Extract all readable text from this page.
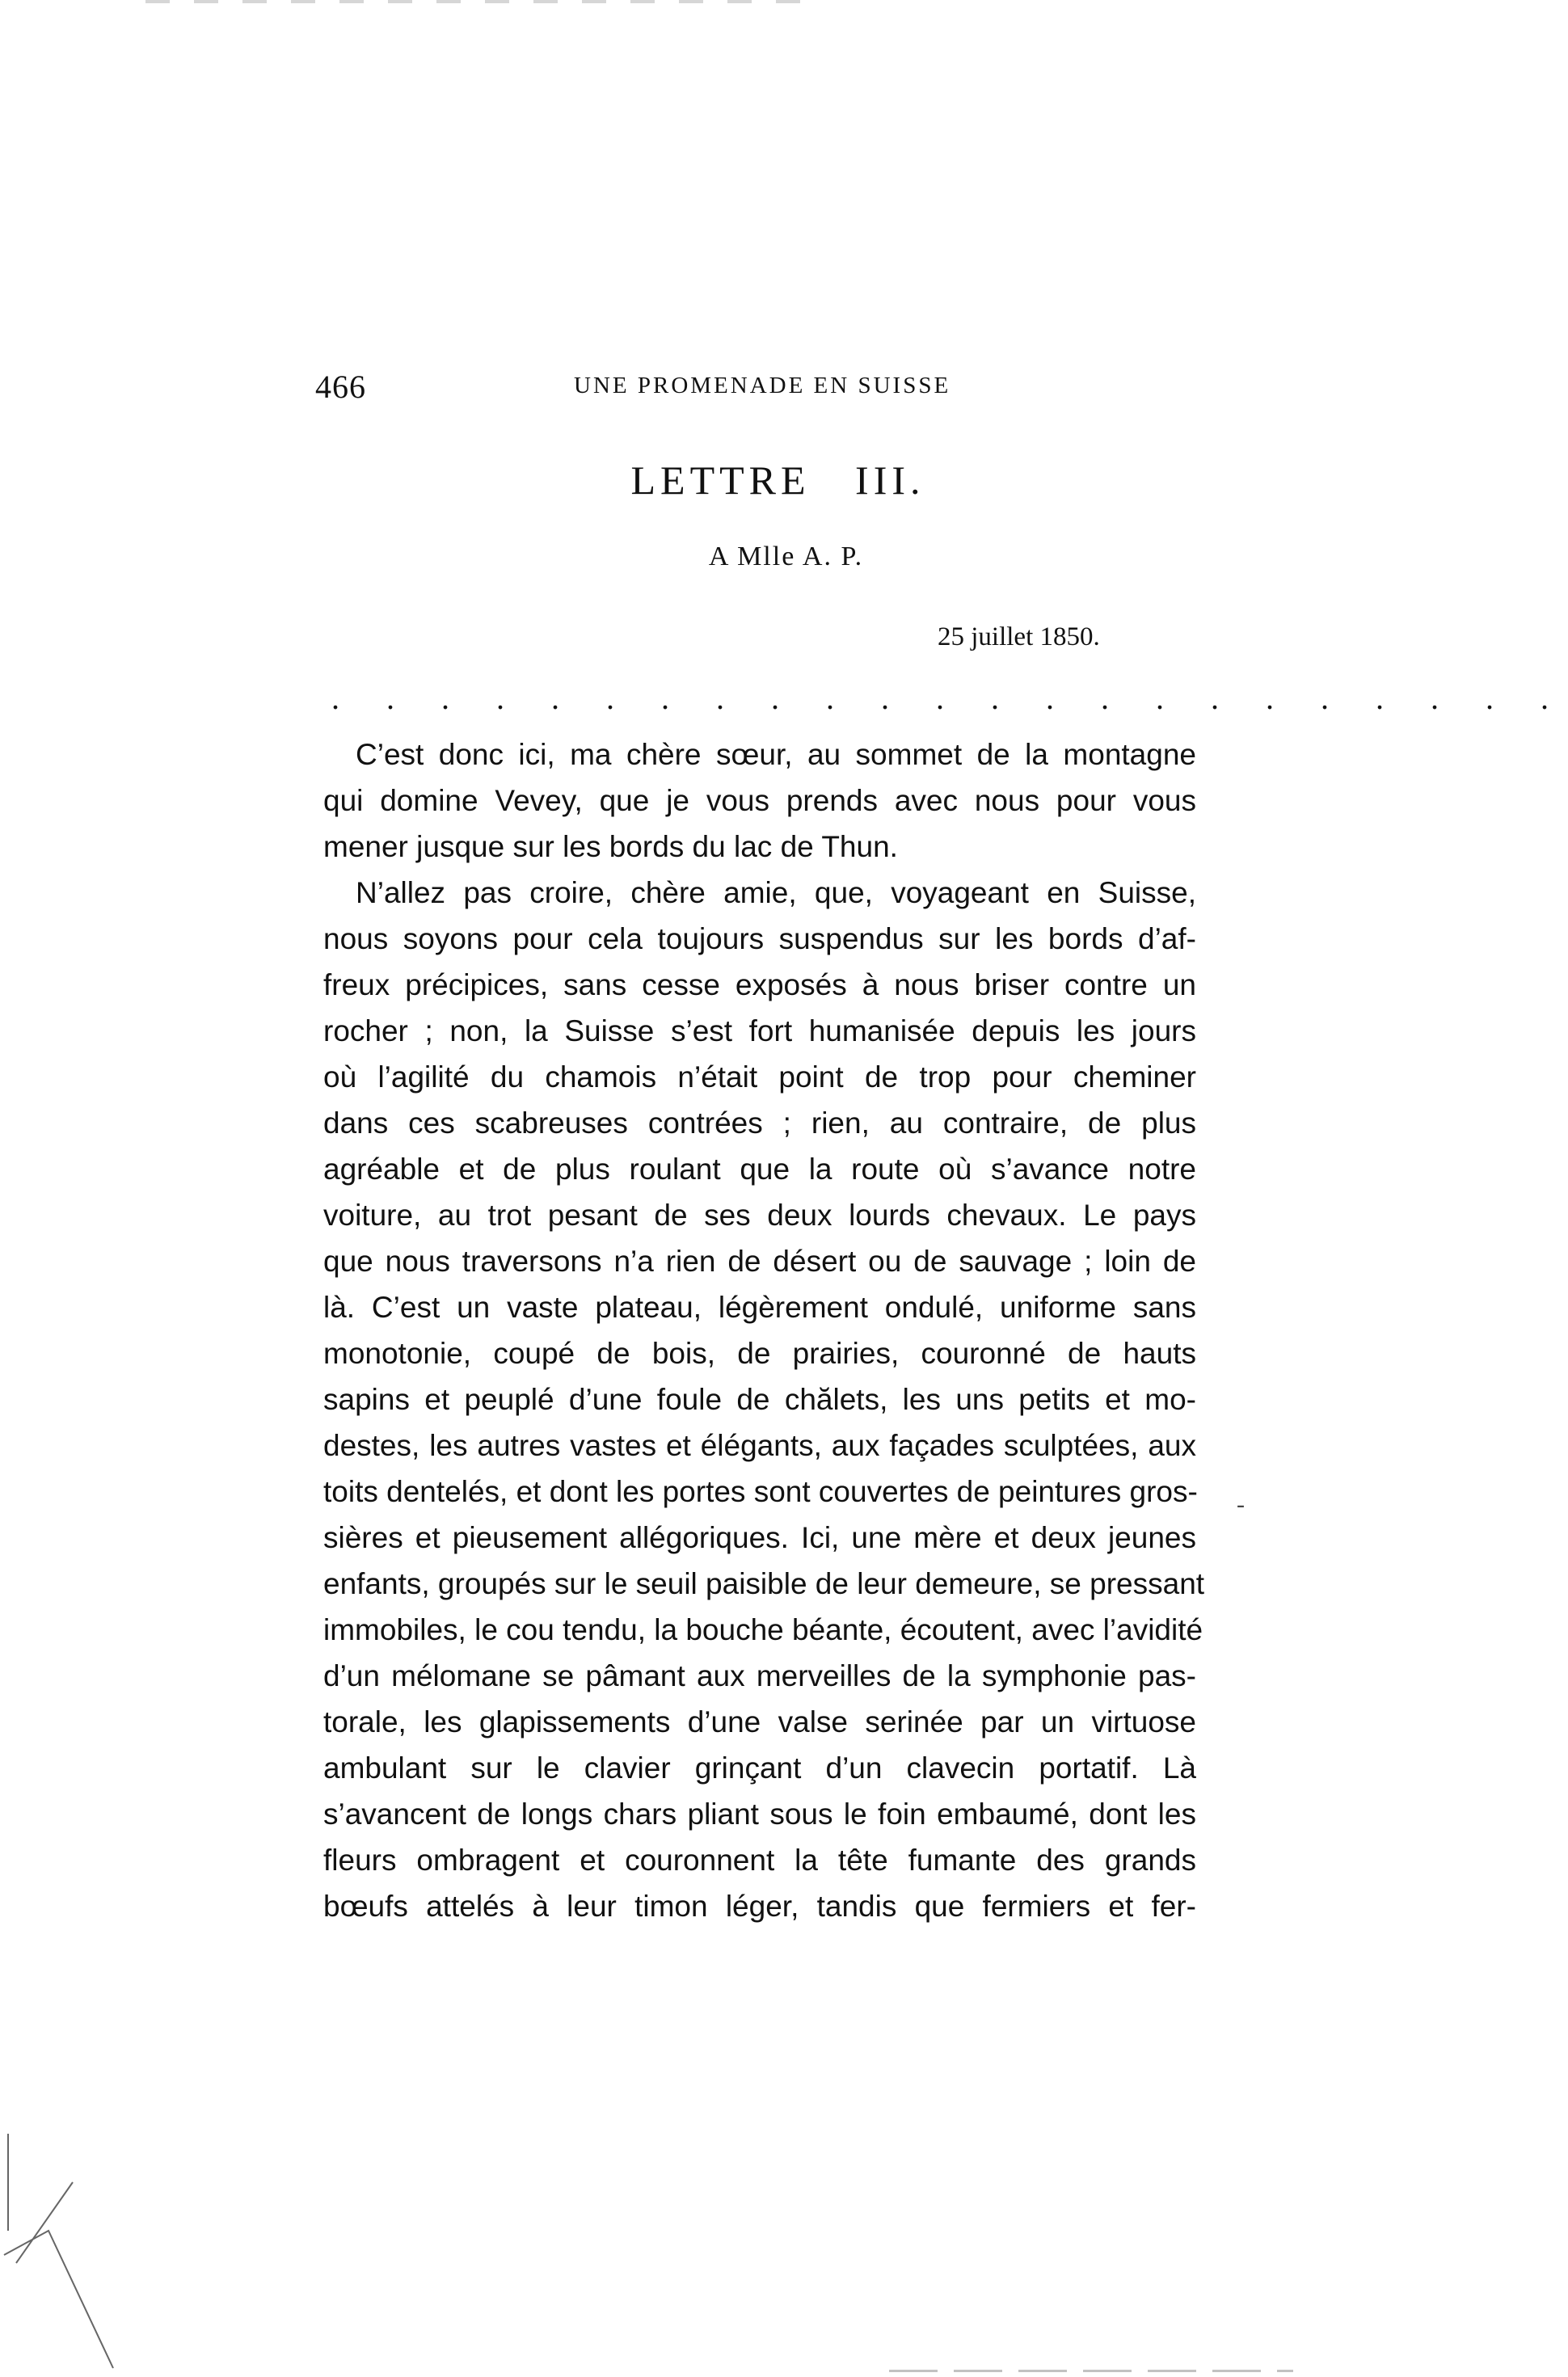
466	UNE PROMENADE EN SUISSE
LETTRE   III.
A Mlle A. P.
25 juillet 1850.
. . . . . . . . . . . . . . . . . . . . . . .
C’est donc ici, ma chère sœur, au sommet de la montagne
qui domine Vevey, que je vous prends avec nous pour vous
mener jusque sur les bords du lac de Thun.
N’allez pas croire, chère amie, que, voyageant en Suisse,
nous soyons pour cela toujours suspendus sur les bords d’af-
freux précipices, sans cesse exposés à nous briser contre un
rocher ; non, la Suisse s’est fort humanisée depuis les jours
où l’agilité du chamois n’était point de trop pour cheminer
dans ces scabreuses contrées ; rien, au contraire, de plus
agréable et de plus roulant que la route où s’avance notre
voiture, au trot pesant de ses deux lourds chevaux. Le pays
que nous traversons n’a rien de désert ou de sauvage ; loin de
là. C’est un vaste plateau, légèrement ondulé, uniforme sans
monotonie, coupé de bois, de prairies, couronné de hauts
sapins et peuplé d’une foule de chălets, les uns petits et mo-
destes, les autres vastes et élégants, aux façades sculptées, aux
toits dentelés, et dont les portes sont couvertes de peintures gros-
sières et pieusement allégoriques. Ici, une mère et deux jeunes
enfants, groupés sur le seuil paisible de leur demeure, se pressant
immobiles, le cou tendu, la bouche béante, écoutent, avec l’avidité
d’un mélomane se pâmant aux merveilles de la symphonie pas-
torale, les glapissements d’une valse serinée par un virtuose
ambulant sur le clavier grinçant d’un clavecin portatif. Là
s’avancent de longs chars pliant sous le foin embaumé, dont les
fleurs ombragent et couronnent la tête fumante des grands
bœufs attelés à leur timon léger, tandis que fermiers et fer-
-
